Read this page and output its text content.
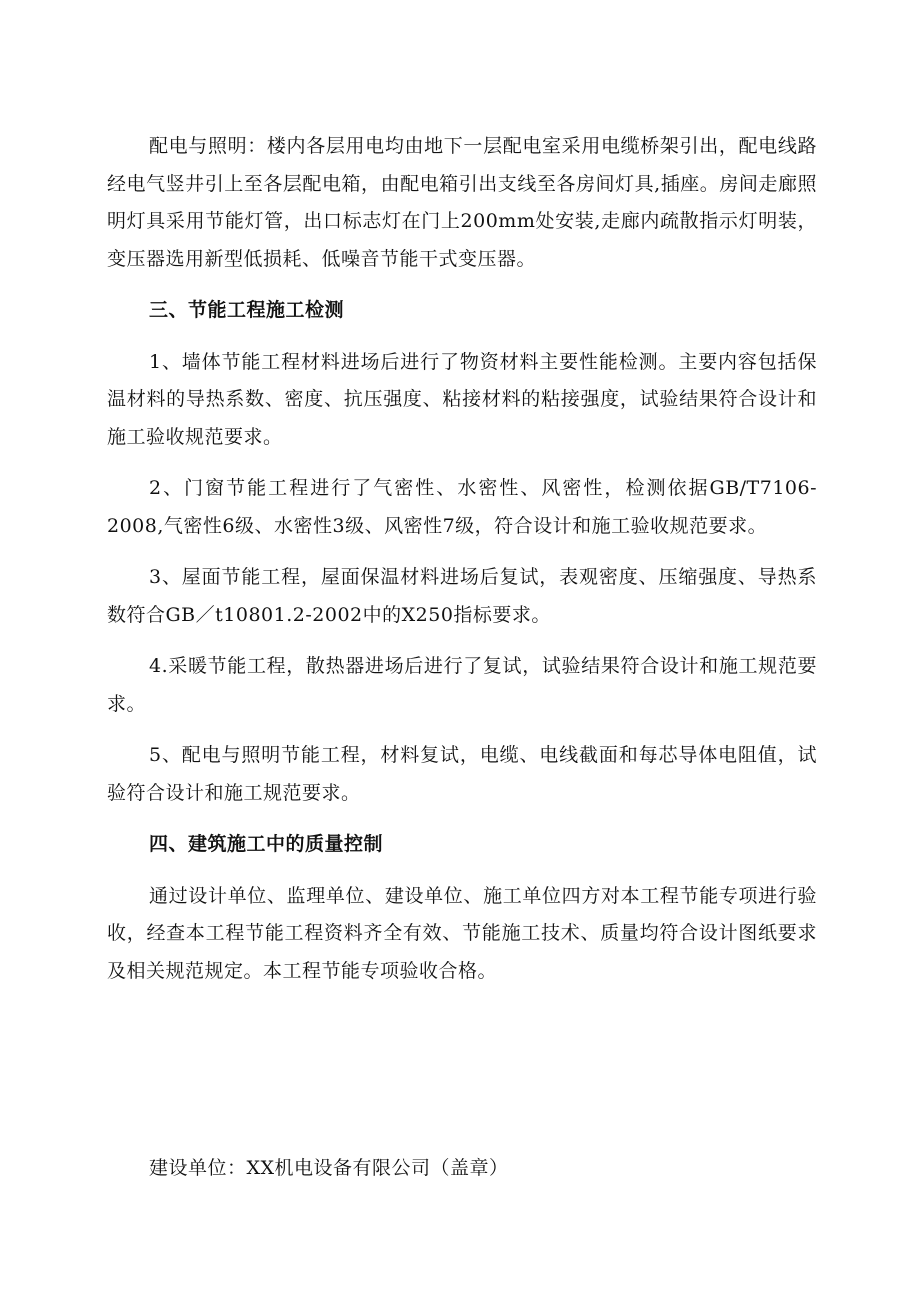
配电与照明：楼内各层用电均由地下一层配电室采用电缆桥架引出，配电线路经电气竖井引上至各层配电箱，由配电箱引出支线至各房间灯具,插座。房间走廊照明灯具采用节能灯管，出口标志灯在门上200mm处安装,走廊内疏散指示灯明装，变压器选用新型低损耗、低噪音节能干式变压器。

三、节能工程施工检测

1、墙体节能工程材料进场后进行了物资材料主要性能检测。主要内容包括保温材料的导热系数、密度、抗压强度、粘接材料的粘接强度，试验结果符合设计和施工验收规范要求。

2、门窗节能工程进行了气密性、水密性、风密性，检测依据GB/T7106-2008,气密性6级、水密性3级、风密性7级，符合设计和施工验收规范要求。

3、屋面节能工程，屋面保温材料进场后复试，表观密度、压缩强度、导热系数符合GB／t10801.2-2002中的X250指标要求。

4.采暖节能工程，散热器进场后进行了复试，试验结果符合设计和施工规范要求。

5、配电与照明节能工程，材料复试，电缆、电线截面和每芯导体电阻值，试验符合设计和施工规范要求。

四、建筑施工中的质量控制

通过设计单位、监理单位、建设单位、施工单位四方对本工程节能专项进行验收，经查本工程节能工程资料齐全有效、节能施工技术、质量均符合设计图纸要求及相关规范规定。本工程节能专项验收合格。

建设单位：XX机电设备有限公司（盖章）
